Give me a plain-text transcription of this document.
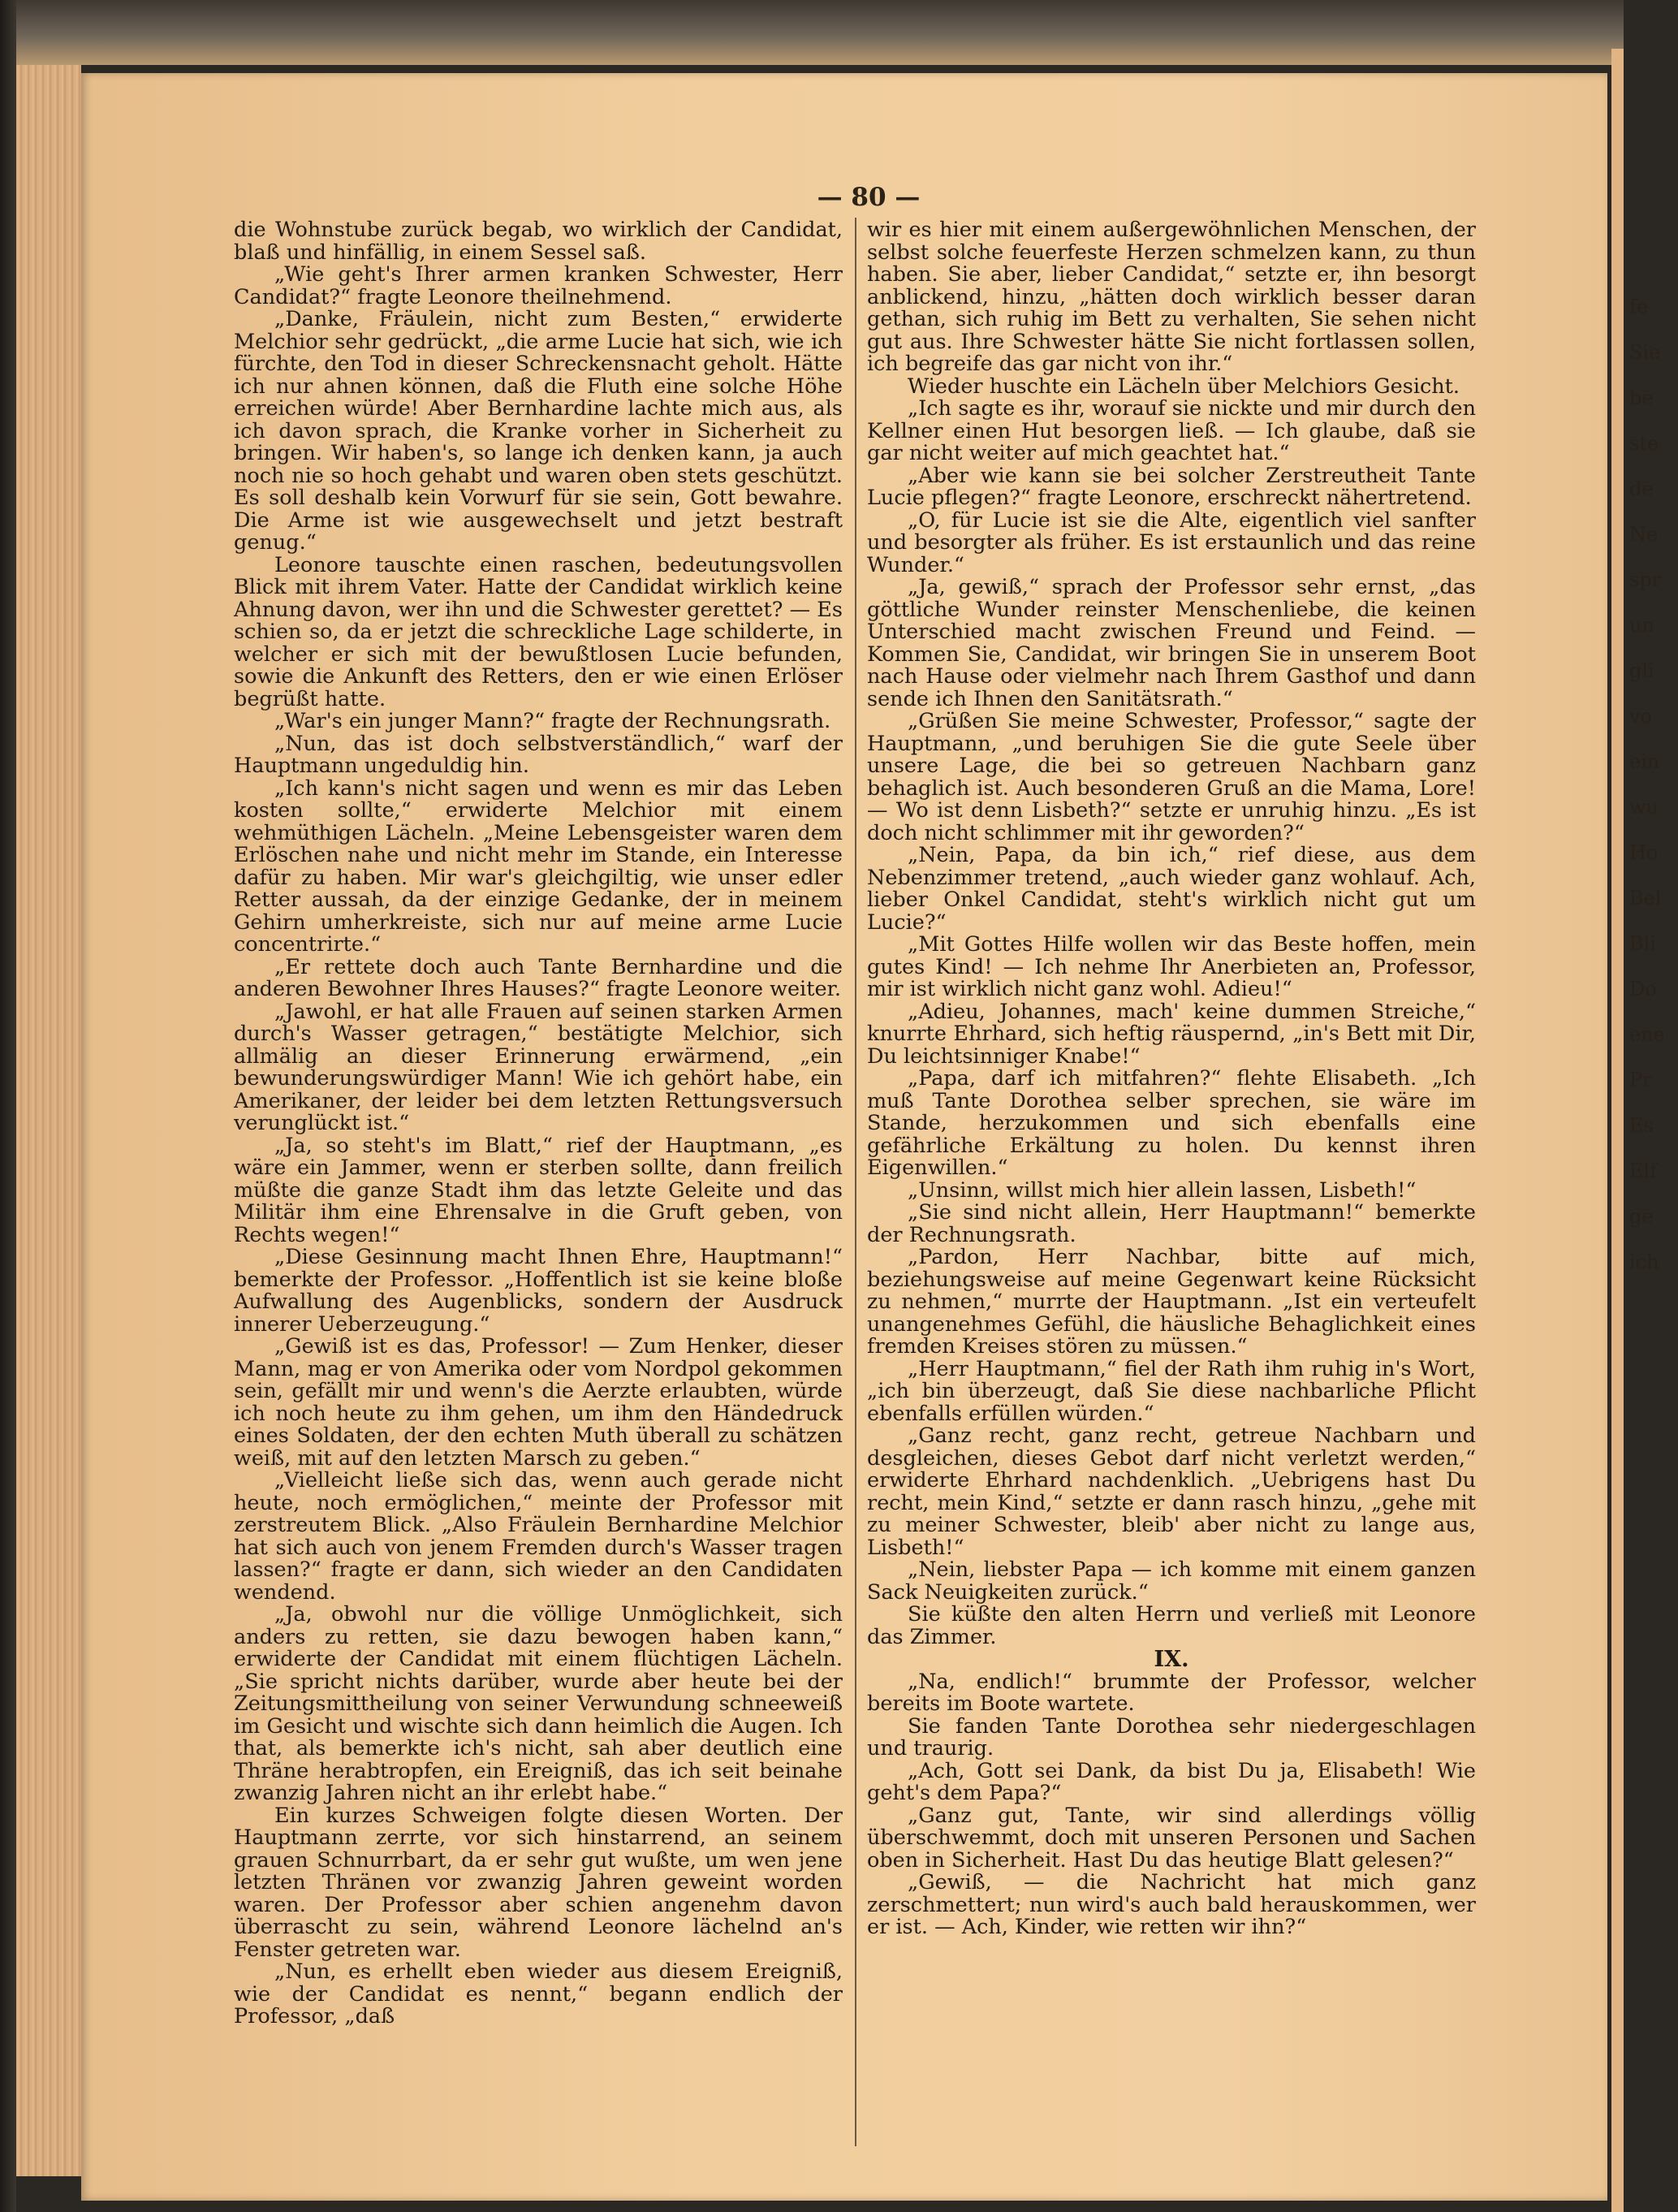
— 80 —

die Wohnstube zurück begab, wo wirklich der Candidat, blaß und hinfällig, in einem Sessel saß.

„Wie geht's Ihrer armen kranken Schwester, Herr Candidat?“ fragte Leonore theilnehmend.

„Danke, Fräulein, nicht zum Besten,“ erwiderte Melchior sehr gedrückt, „die arme Lucie hat sich, wie ich fürchte, den Tod in dieser Schreckensnacht geholt. Hätte ich nur ahnen können, daß die Fluth eine solche Höhe erreichen würde! Aber Bernhardine lachte mich aus, als ich davon sprach, die Kranke vorher in Sicherheit zu bringen. Wir haben's, so lange ich denken kann, ja auch noch nie so hoch gehabt und waren oben stets geschützt. Es soll deshalb kein Vorwurf für sie sein, Gott bewahre. Die Arme ist wie ausgewechselt und jetzt bestraft genug.“

Leonore tauschte einen raschen, bedeutungsvollen Blick mit ihrem Vater. Hatte der Candidat wirklich keine Ahnung davon, wer ihn und die Schwester gerettet? — Es schien so, da er jetzt die schreckliche Lage schilderte, in welcher er sich mit der bewußtlosen Lucie befunden, sowie die Ankunft des Retters, den er wie einen Erlöser begrüßt hatte.

„War's ein junger Mann?“ fragte der Rechnungsrath.

„Nun, das ist doch selbstverständlich,“ warf der Hauptmann ungeduldig hin.

„Ich kann's nicht sagen und wenn es mir das Leben kosten sollte,“ erwiderte Melchior mit einem wehmüthigen Lächeln. „Meine Lebensgeister waren dem Erlöschen nahe und nicht mehr im Stande, ein Interesse dafür zu haben. Mir war's gleichgiltig, wie unser edler Retter aussah, da der einzige Gedanke, der in meinem Gehirn umherkreiste, sich nur auf meine arme Lucie concentrirte.“

„Er rettete doch auch Tante Bernhardine und die anderen Bewohner Ihres Hauses?“ fragte Leonore weiter.

„Jawohl, er hat alle Frauen auf seinen starken Armen durch's Wasser getragen,“ bestätigte Melchior, sich allmälig an dieser Erinnerung erwärmend, „ein bewunderungswürdiger Mann! Wie ich gehört habe, ein Amerikaner, der leider bei dem letzten Rettungsversuch verunglückt ist.“

„Ja, so steht's im Blatt,“ rief der Hauptmann, „es wäre ein Jammer, wenn er sterben sollte, dann freilich müßte die ganze Stadt ihm das letzte Geleite und das Militär ihm eine Ehrensalve in die Gruft geben, von Rechts wegen!“

„Diese Gesinnung macht Ihnen Ehre, Hauptmann!“ bemerkte der Professor. „Hoffentlich ist sie keine bloße Aufwallung des Augenblicks, sondern der Ausdruck innerer Ueberzeugung.“

„Gewiß ist es das, Professor! — Zum Henker, dieser Mann, mag er von Amerika oder vom Nordpol gekommen sein, gefällt mir und wenn's die Aerzte erlaubten, würde ich noch heute zu ihm gehen, um ihm den Händedruck eines Soldaten, der den echten Muth überall zu schätzen weiß, mit auf den letzten Marsch zu geben.“

„Vielleicht ließe sich das, wenn auch gerade nicht heute, noch ermöglichen,“ meinte der Professor mit zerstreutem Blick. „Also Fräulein Bernhardine Melchior hat sich auch von jenem Fremden durch's Wasser tragen lassen?“ fragte er dann, sich wieder an den Candidaten wendend.

„Ja, obwohl nur die völlige Unmöglichkeit, sich anders zu retten, sie dazu bewogen haben kann,“ erwiderte der Candidat mit einem flüchtigen Lächeln. „Sie spricht nichts darüber, wurde aber heute bei der Zeitungsmittheilung von seiner Verwundung schneeweiß im Gesicht und wischte sich dann heimlich die Augen. Ich that, als bemerkte ich's nicht, sah aber deutlich eine Thräne herabtropfen, ein Ereigniß, das ich seit beinahe zwanzig Jahren nicht an ihr erlebt habe.“

Ein kurzes Schweigen folgte diesen Worten. Der Hauptmann zerrte, vor sich hinstarrend, an seinem grauen Schnurrbart, da er sehr gut wußte, um wen jene letzten Thränen vor zwanzig Jahren geweint worden waren. Der Professor aber schien angenehm davon überrascht zu sein, während Leonore lächelnd an's Fenster getreten war.

„Nun, es erhellt eben wieder aus diesem Ereigniß, wie der Candidat es nennt,“ begann endlich der Professor, „daß

wir es hier mit einem außergewöhnlichen Menschen, der selbst solche feuerfeste Herzen schmelzen kann, zu thun haben. Sie aber, lieber Candidat,“ setzte er, ihn besorgt anblickend, hinzu, „hätten doch wirklich besser daran gethan, sich ruhig im Bett zu verhalten, Sie sehen nicht gut aus. Ihre Schwester hätte Sie nicht fortlassen sollen, ich begreife das gar nicht von ihr.“

Wieder huschte ein Lächeln über Melchiors Gesicht.

„Ich sagte es ihr, worauf sie nickte und mir durch den Kellner einen Hut besorgen ließ. — Ich glaube, daß sie gar nicht weiter auf mich geachtet hat.“

„Aber wie kann sie bei solcher Zerstreutheit Tante Lucie pflegen?“ fragte Leonore, erschreckt nähertretend.

„O, für Lucie ist sie die Alte, eigentlich viel sanfter und besorgter als früher. Es ist erstaunlich und das reine Wunder.“

„Ja, gewiß,“ sprach der Professor sehr ernst, „das göttliche Wunder reinster Menschenliebe, die keinen Unterschied macht zwischen Freund und Feind. — Kommen Sie, Candidat, wir bringen Sie in unserem Boot nach Hause oder vielmehr nach Ihrem Gasthof und dann sende ich Ihnen den Sanitätsrath.“

„Grüßen Sie meine Schwester, Professor,“ sagte der Hauptmann, „und beruhigen Sie die gute Seele über unsere Lage, die bei so getreuen Nachbarn ganz behaglich ist. Auch besonderen Gruß an die Mama, Lore! — Wo ist denn Lisbeth?“ setzte er unruhig hinzu. „Es ist doch nicht schlimmer mit ihr geworden?“

„Nein, Papa, da bin ich,“ rief diese, aus dem Nebenzimmer tretend, „auch wieder ganz wohlauf. Ach, lieber Onkel Candidat, steht's wirklich nicht gut um Lucie?“

„Mit Gottes Hilfe wollen wir das Beste hoffen, mein gutes Kind! — Ich nehme Ihr Anerbieten an, Professor, mir ist wirklich nicht ganz wohl. Adieu!“

„Adieu, Johannes, mach' keine dummen Streiche,“ knurrte Ehrhard, sich heftig räuspernd, „in's Bett mit Dir, Du leichtsinniger Knabe!“

„Papa, darf ich mitfahren?“ flehte Elisabeth. „Ich muß Tante Dorothea selber sprechen, sie wäre im Stande, herzukommen und sich ebenfalls eine gefährliche Erkältung zu holen. Du kennst ihren Eigenwillen.“

„Unsinn, willst mich hier allein lassen, Lisbeth!“

„Sie sind nicht allein, Herr Hauptmann!“ bemerkte der Rechnungsrath.

„Pardon, Herr Nachbar, bitte auf mich, beziehungsweise auf meine Gegenwart keine Rücksicht zu nehmen,“ murrte der Hauptmann. „Ist ein verteufelt unangenehmes Gefühl, die häusliche Behaglichkeit eines fremden Kreises stören zu müssen.“

„Herr Hauptmann,“ fiel der Rath ihm ruhig in's Wort, „ich bin überzeugt, daß Sie diese nachbarliche Pflicht ebenfalls erfüllen würden.“

„Ganz recht, ganz recht, getreue Nachbarn und desgleichen, dieses Gebot darf nicht verletzt werden,“ erwiderte Ehrhard nachdenklich. „Uebrigens hast Du recht, mein Kind,“ setzte er dann rasch hinzu, „gehe mit zu meiner Schwester, bleib' aber nicht zu lange aus, Lisbeth!“

„Nein, liebster Papa — ich komme mit einem ganzen Sack Neuigkeiten zurück.“

Sie küßte den alten Herrn und verließ mit Leonore das Zimmer.

IX.

„Na, endlich!“ brummte der Professor, welcher bereits im Boote wartete.

Sie fanden Tante Dorothea sehr niedergeschlagen und traurig.

„Ach, Gott sei Dank, da bist Du ja, Elisabeth! Wie geht's dem Papa?“

„Ganz gut, Tante, wir sind allerdings völlig überschwemmt, doch mit unseren Personen und Sachen oben in Sicherheit. Hast Du das heutige Blatt gelesen?“

„Gewiß, — die Nachricht hat mich ganz zerschmettert; nun wird's auch bald herauskommen, wer er ist. — Ach, Kinder, wie retten wir ihn?“

fe
Sie
be
ste
de
Ne
spr
un
gli
vo
ein
wu
Ho
Bel
Bli
Do
ene
Pr
Es
Elf
ge
ich
